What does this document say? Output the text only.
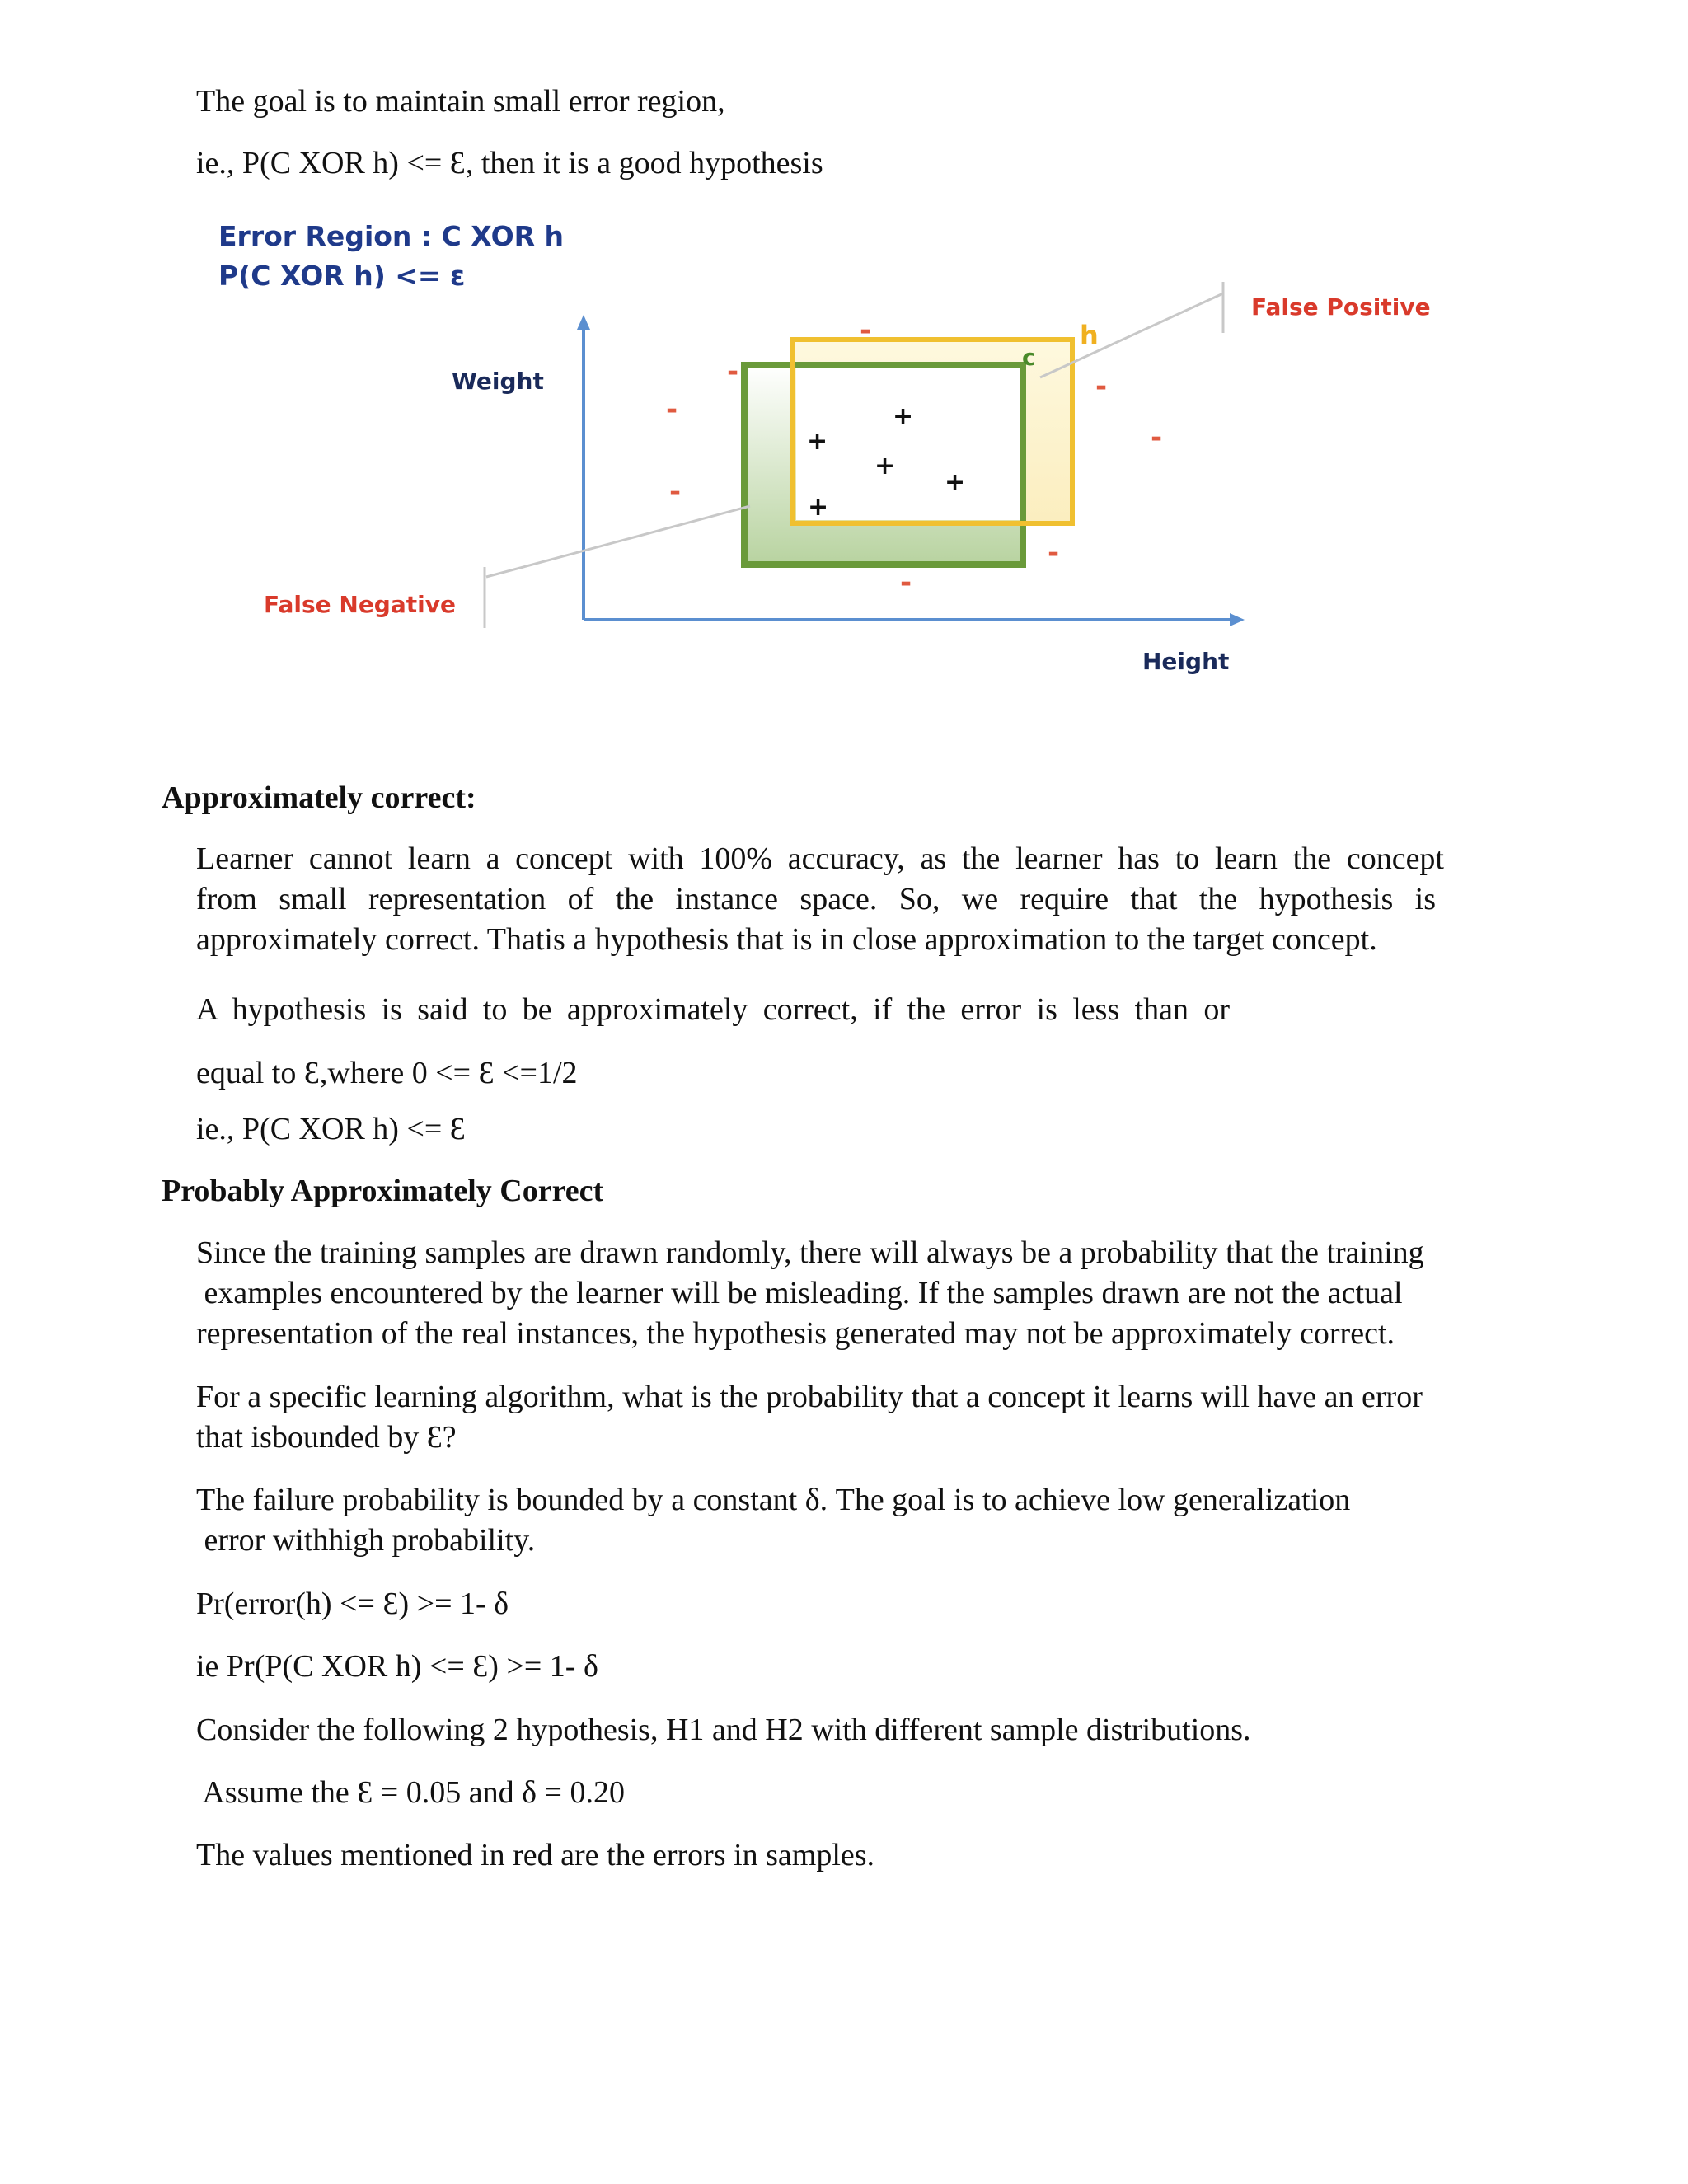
The goal is to maintain small error region,
ie., P(C XOR h) <= Ɛ, then it is a good hypothesis
Error Region : C XOR h
P(C XOR h) <= ε
Weight
Height
c
h
+
+
+
+
+
-
-
-
-
-
-
-
-
False Positive
False Negative
Approximately correct:
Learner cannot learn a concept with 100% accuracy, as the learner has to learn the concept
from small representation of the instance space. So, we require that the hypothesis is
approximately correct. Thatis a hypothesis that is in close approximation to the target concept.
A hypothesis is said to be approximately correct, if the error is less than or
equal to Ɛ,where 0 <= Ɛ <=1/2
ie., P(C XOR h) <= Ɛ
Probably Approximately Correct
Since the training samples are drawn randomly, there will always be a probability that the training
examples encountered by the learner will be misleading. If the samples drawn are not the actual
representation of the real instances, the hypothesis generated may not be approximately correct.
For a specific learning algorithm, what is the probability that a concept it learns will have an error
that isbounded by Ɛ?
The failure probability is bounded by a constant δ. The goal is to achieve low generalization
error withhigh probability.
Pr(error(h) <= Ɛ) >= 1- δ
ie Pr(P(C XOR h) <= Ɛ) >= 1- δ
Consider the following 2 hypothesis, H1 and H2 with different sample distributions.
Assume the Ɛ = 0.05 and δ = 0.20
The values mentioned in red are the errors in samples.
